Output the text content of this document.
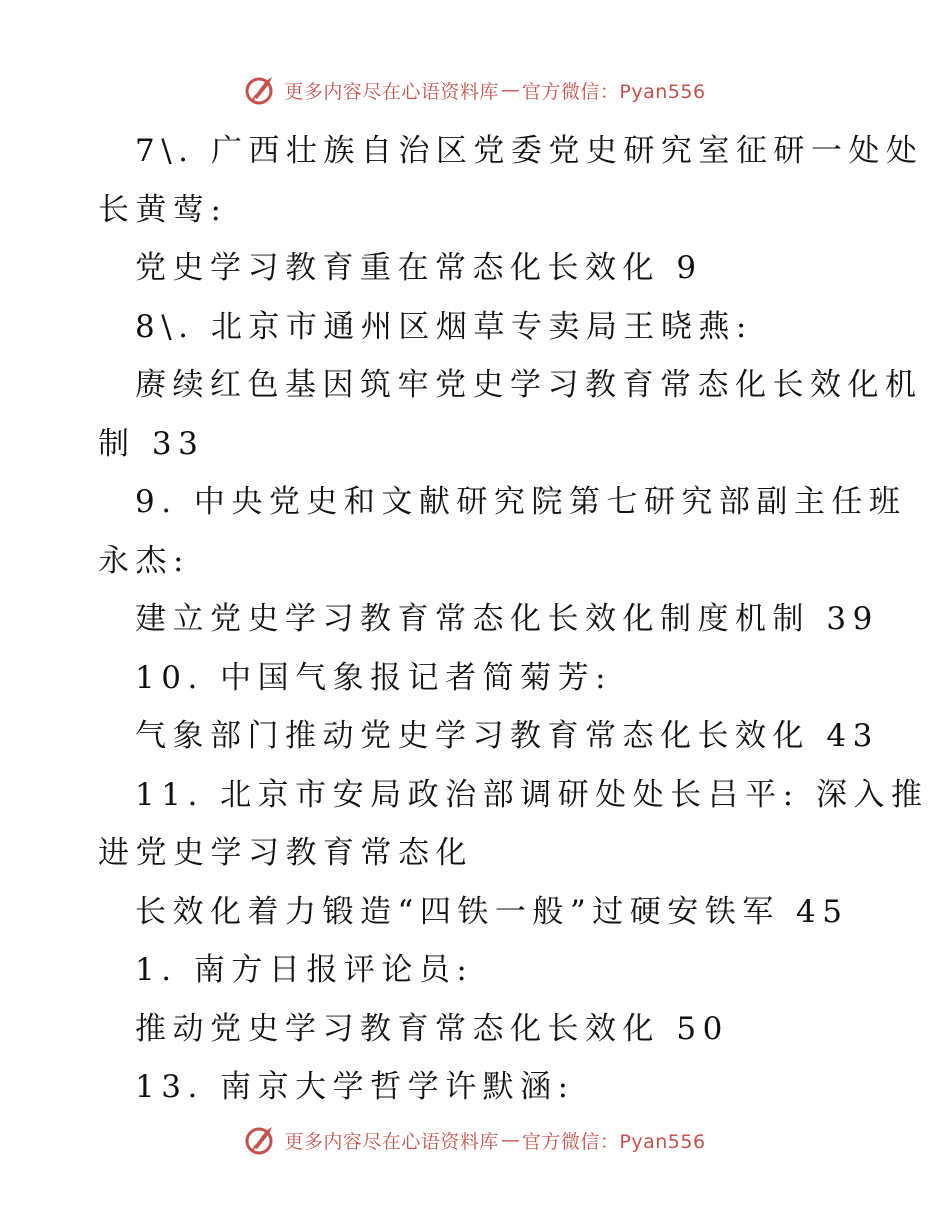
更多内容尽在心语资料库 — 官方微信：Pyan556
7\. 广西壮族自治区党委党史研究室征研一处处
长黄莺:
党史学习教育重在常态化长效化 9
8\. 北京市通州区烟草专卖局王晓燕:
赓续红色基因筑牢党史学习教育常态化长效化机
制 33
9. 中央党史和文献研究院第七研究部副主任班
永杰:
建立党史学习教育常态化长效化制度机制 39
10. 中国气象报记者简菊芳:
气象部门推动党史学习教育常态化长效化 43
11. 北京市安局政治部调研处处长吕平: 深入推
进党史学习教育常态化
长效化着力锻造“四铁一般”过硬安铁军 45
1. 南方日报评论员:
推动党史学习教育常态化长效化 50
13. 南京大学哲学许默涵:
更多内容尽在心语资料库 — 官方微信：Pyan556
